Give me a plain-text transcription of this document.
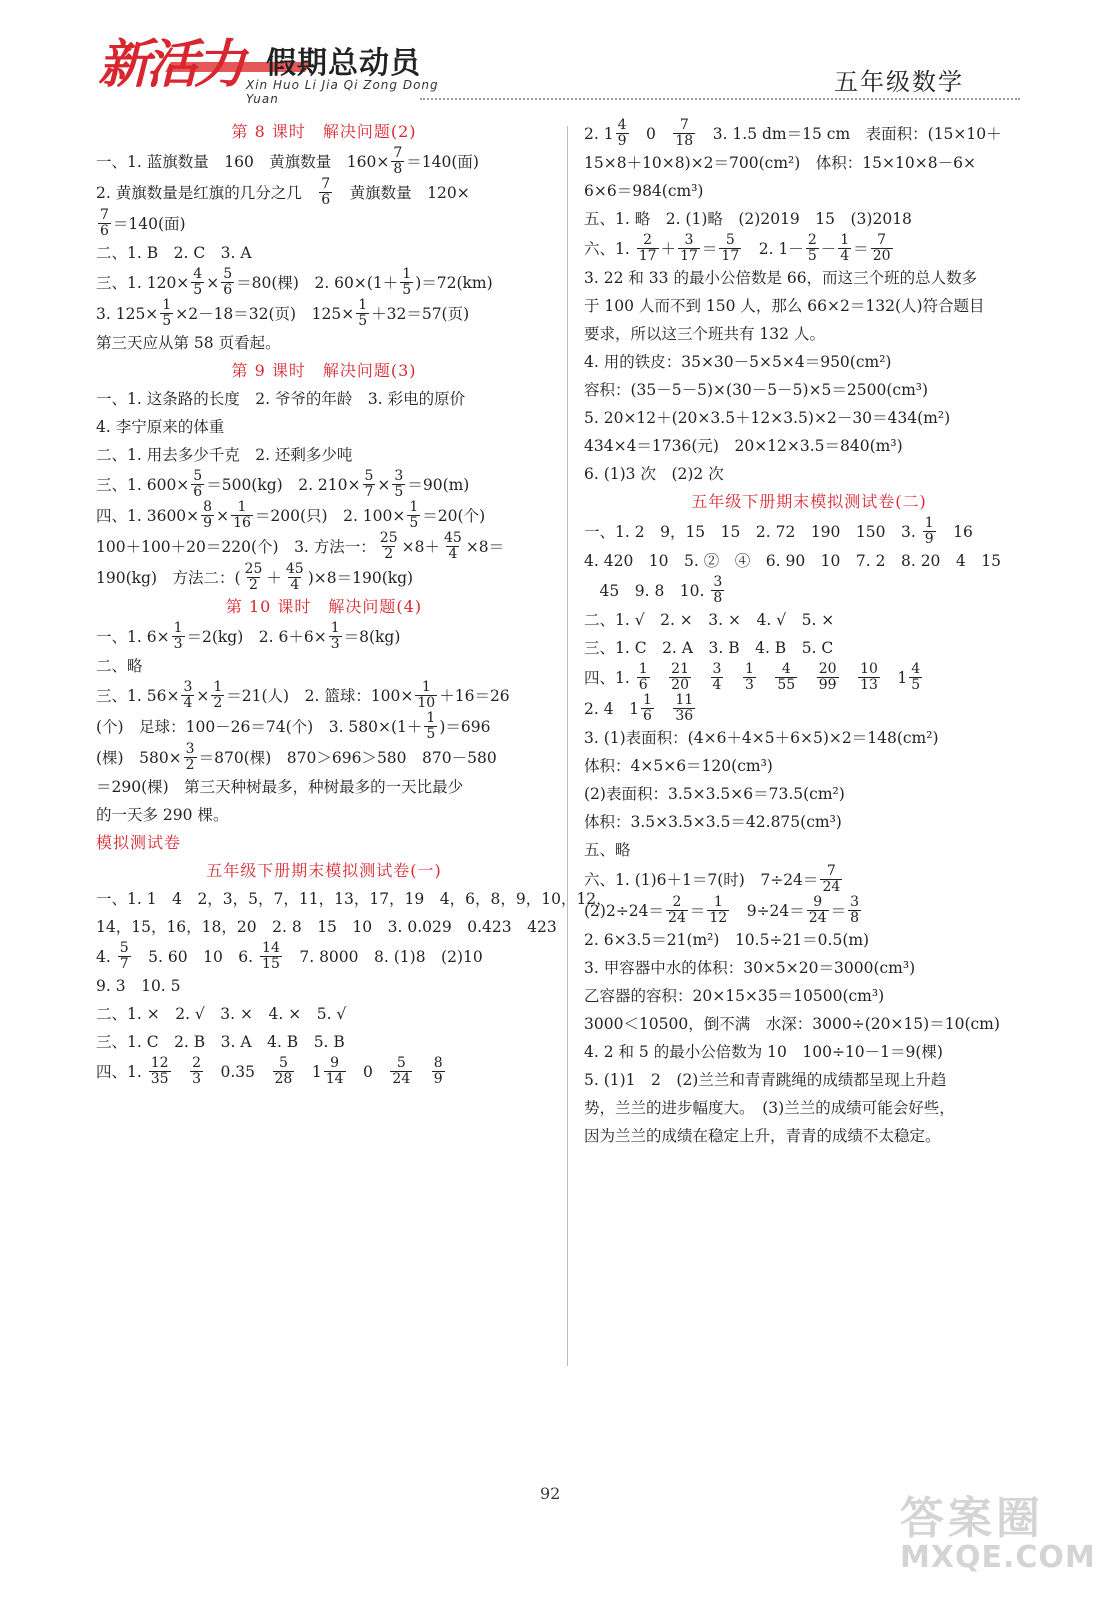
新活力 假期总动员
Xin Huo Li Jia Qi Zong Dong Yuan
五年级数学
第 8 课时　解决问题(2)
一、1. 蓝旗数量　160　黄旗数量　$160\times \frac{7}{8} =140$(面)
2. 黄旗数量是红旗的几分之几　 $\frac{7}{6}$ 　黄旗数量　120×
$\frac{7}{6} =140$(面)
二、1. B　2. C　3. A
三、1. $120\times \frac{4}{5} \times \frac{5}{6} =80$(棵)　2. $60\times(1+ \frac{1}{5} )=72(km)$
3. $125\times \frac{1}{5} \times 2-18=32$(页)　$125\times \frac{1}{5} +32=57$(页)
第三天应从第 58 页看起。
第 9 课时　解决问题(3)
一、1. 这条路的长度　2. 爷爷的年龄　3. 彩电的原价
4. 李宁原来的体重
二、1. 用去多少千克　2. 还剩多少吨
三、1. $600\times \frac{5}{6} =500(kg)$　2. $210\times \frac{5}{7} \times \frac{3}{5} =90(m)$
四、1. $3600\times \frac{8}{9} \times \frac{1}{16} =200$(只)　2. $100\times \frac{1}{5} =20$(个)
100＋100＋20＝220(个)　3. 方法一： $\frac{25}{2} \times 8+ \frac{45}{4} \times 8=$
190(kg)　方法二：( $\frac{25}{2} + \frac{45}{4} )\times 8=190(kg)$
第 10 课时　解决问题(4)
一、1. $6\times \frac{1}{3} =2(kg)$　2. $6+6\times \frac{1}{3} =8(kg)$
二、略
三、1. $56\times \frac{3}{4} \times \frac{1}{2} =21$(人)　2. 篮球：$100\times \frac{1}{10} +16=26$
(个)　足球：100－26＝74(个)　3. $580\times(1+ \frac{1}{5} )=696$
(棵)　$580\times \frac{3}{2} =870$(棵)　870＞696＞580　870－580
＝290(棵)　第三天种树最多，种树最多的一天比最少
的一天多 290 棵。
模拟测试卷
五年级下册期末模拟测试卷(一)
一、1. 1　4　2，3，5，7，11，13，17，19　4，6，8，9，10，12，
14，15，16，18，20　2. 8　15　10　3. 0.029　0.423　423
4. $\frac{5}{7}$ 　5. 60　10　6. $\frac{14}{15}$ 　7. 8000　8. (1)8　(2)10
9. 3　10. 5
二、1. ×　2. √　3. ×　4. ×　5. √
三、1. C　2. B　3. A　4. B　5. B
四、1. $\frac{12}{35}$
　 $\frac{2}{3}$ 　0.35　 $\frac{5}{28}$ 　$1 \frac{9}{14}$ 　0　 $\frac{5}{24}$
　 $\frac{8}{9}$
2. $1 \frac{4}{9}$ 　0　 $\frac{7}{18}$ 　3. 1.5 dm＝15 cm　表面积：(15×10＋
15×8＋10×8)×2＝700(cm²)　体积：15×10×8－6×
6×6＝984(cm³)
五、1. 略　2. (1)略　(2)2019　15　(3)2018
六、1. $\frac{2}{17} + \frac{3}{17} = \frac{5}{17}$ 　2. $1- \frac{2}{5} - \frac{1}{4} = \frac{7}{20}$
3. 22 和 33 的最小公倍数是 66，而这三个班的总人数多
于 100 人而不到 150 人，那么 66×2＝132(人)符合题目
要求，所以这三个班共有 132 人。
4. 用的铁皮：35×30－5×5×4＝950(cm²)
容积：(35－5－5)×(30－5－5)×5＝2500(cm³)
5. 20×12＋(20×3.5＋12×3.5)×2－30＝434(m²)
434×4＝1736(元)　20×12×3.5＝840(m³)
6. (1)3 次　(2)2 次
五年级下册期末模拟测试卷(二)
一、1. 2　9，15　15　2. 72　190　150　3. $\frac{1}{9}$ 　16
4. 420　10　5. ②　④　6. 90　10　7. 2　8. 20　4　15
　45　9. 8　10. $\frac{3}{8}$
二、1. √　2. ×　3. ×　4. √　5. ×
三、1. C　2. A　3. B　4. B　5. C
四、1. $\frac{1}{6}$
　 $\frac{21}{20}$
　 $\frac{3}{4}$
　 $\frac{1}{3}$
　 $\frac{4}{55}$
　 $\frac{20}{99}$
　 $\frac{10}{13}$ 　$1 \frac{4}{5}$
2. 4　$1 \frac{1}{6}$
　 $\frac{11}{36}$
3. (1)表面积：(4×6＋4×5＋6×5)×2＝148(cm²)
体积：4×5×6＝120(cm³)
(2)表面积：3.5×3.5×6＝73.5(cm²)
体积：3.5×3.5×3.5＝42.875(cm³)
五、略
六、1. (1)6＋1＝7(时)　$7\div 24= \frac{7}{24}$
$(2)2\div 24= \frac{2}{24} = \frac{1}{12}$ 　$9\div 24= \frac{9}{24} = \frac{3}{8}$
2. 6×3.5＝21(m²)　10.5÷21＝0.5(m)
3. 甲容器中水的体积：30×5×20＝3000(cm³)
乙容器的容积：20×15×35＝10500(cm³)
3000＜10500，倒不满　水深：3000÷(20×15)＝10(cm)
4. 2 和 5 的最小公倍数为 10　100÷10－1＝9(棵)
5. (1)1　2　(2)兰兰和青青跳绳的成绩都呈现上升趋
势，兰兰的进步幅度大。　(3)兰兰的成绩可能会好些，
因为兰兰的成绩在稳定上升，青青的成绩不太稳定。
92	答案圈
MXQE.COM
